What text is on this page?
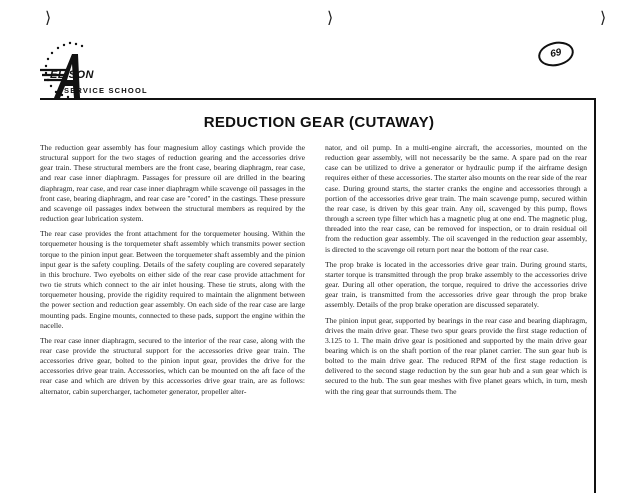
⟩	⟩	⟩
ELISON
SERVICE SCHOOL
69
REDUCTION GEAR (CUTAWAY)

The reduction gear assembly has four magnesium alloy castings which provide the structural support for the two stages of reduction gearing and the accessories drive gear train. These structural members are the front case, bearing diaphragm, rear case, and rear case inner diaphragm. Passages for pressure oil are drilled in the bearing diaphragm, rear case, and rear case inner diaphragm while scavenge oil passages in the front case, bearing diaphragm, and rear case are "cored" in the castings. These pressure and scavenge oil passages index between the structural members as required by the reduction gear lubrication system.

The rear case provides the front attachment for the torquemeter housing. Within the torquemeter housing is the torquemeter shaft assembly which transmits power section torque to the pinion input gear. Between the torquemeter shaft assembly and the pinion input gear is the safety coupling. Details of the safety coupling are covered separately in this brochure. Two eyebolts on either side of the rear case provide attachment for two tie struts which connect to the air inlet housing. These tie struts, along with the torquemeter housing, provide the rigidity required to maintain the alignment between the power section and reduction gear assembly. On each side of the rear case are large mounting pads. Engine mounts, connected to these pads, support the engine within the nacelle.

The rear case inner diaphragm, secured to the interior of the rear case, along with the rear case provide the structural support for the accessories drive gear train. The accessories drive gear, bolted to the pinion input gear, provides the drive for the accessories drive gear train. Accessories, which can be mounted on the aft face of the rear case and which are driven by this accessories drive gear train, are as follows: alternator, cabin supercharger, tachometer generator, propeller alter-

nator, and oil pump. In a multi-engine aircraft, the accessories, mounted on the reduction gear assembly, will not necessarily be the same. A spare pad on the rear case can be utilized to drive a generator or hydraulic pump if the airframe design requires either of these accessories. The starter also mounts on the rear side of the rear case. During ground starts, the starter cranks the engine and accessories through a portion of the accessories drive gear train. The main scavenge pump, secured within the rear case, is driven by this gear train. Any oil, scavenged by this pump, flows through a screen type filter which has a magnetic plug at one end. The magnetic plug, threaded into the rear case, can be removed for inspection, or to drain residual oil from the reduction gear assembly. The oil scavenged in the reduction gear assembly, is directed to the scavenge oil return port near the bottom of the rear case.

The prop brake is located in the accessories drive gear train. During ground starts, starter torque is transmitted through the prop brake assembly to the accessories drive gear. During all other operation, the torque, required to drive the accessories drive gear train, is transmitted from the accessories drive gear through the prop brake assembly. Details of the prop brake operation are discussed separately.

The pinion input gear, supported by bearings in the rear case and bearing diaphragm, drives the main drive gear. These two spur gears provide the first stage reduction of 3.125 to 1. The main drive gear is positioned and supported by the main drive gear bearing which is on the shaft portion of the rear planet carrier. The sun gear hub is bolted to the main drive gear. The reduced RPM of the first stage reduction is delivered to the second stage reduction by the sun gear hub and a sun gear which is secured to the hub. The sun gear meshes with five planet gears which, in turn, mesh with the ring gear that surrounds them. The
